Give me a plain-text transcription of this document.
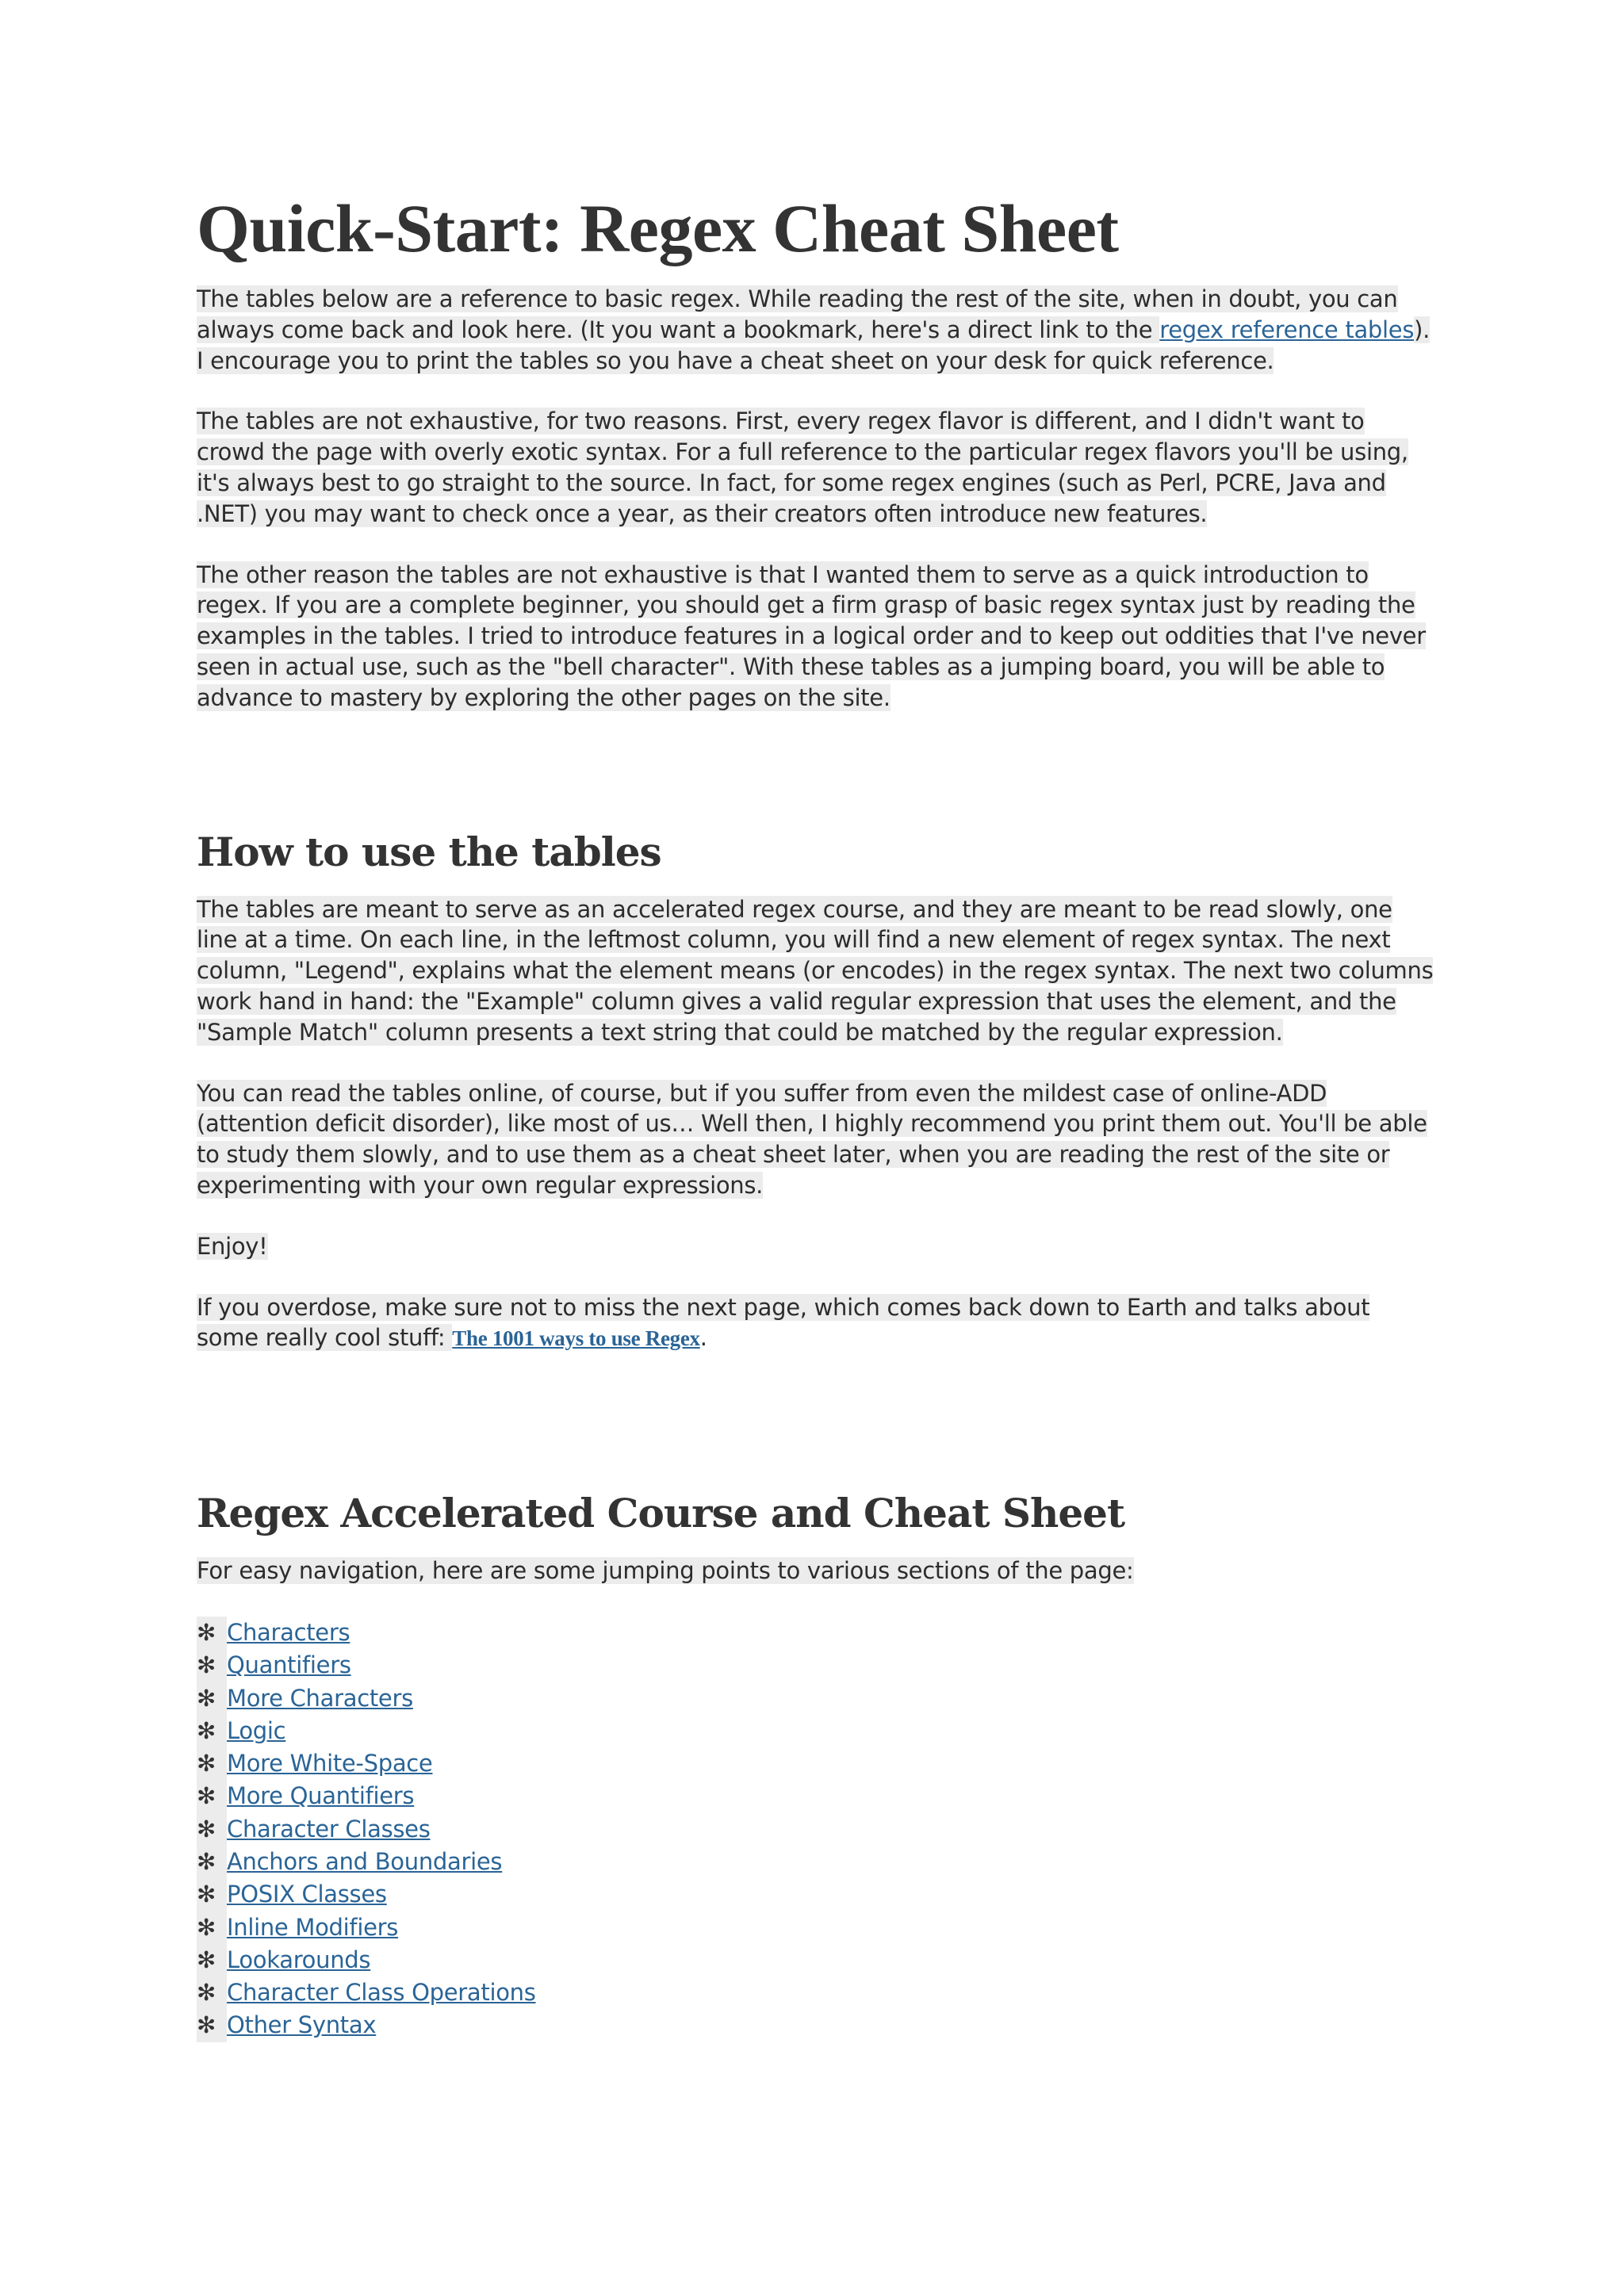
Quick-Start: Regex Cheat Sheet

The tables below are a reference to basic regex. While reading the rest of the site, when in doubt, you can always come back and look here. (It you want a bookmark, here's a direct link to the regex reference tables). I encourage you to print the tables so you have a cheat sheet on your desk for quick reference.

The tables are not exhaustive, for two reasons. First, every regex flavor is different, and I didn't want to crowd the page with overly exotic syntax. For a full reference to the particular regex flavors you'll be using, it's always best to go straight to the source. In fact, for some regex engines (such as Perl, PCRE, Java and .NET) you may want to check once a year, as their creators often introduce new features.

The other reason the tables are not exhaustive is that I wanted them to serve as a quick introduction to regex. If you are a complete beginner, you should get a firm grasp of basic regex syntax just by reading the examples in the tables. I tried to introduce features in a logical order and to keep out oddities that I've never seen in actual use, such as the "bell character". With these tables as a jumping board, you will be able to advance to mastery by exploring the other pages on the site.

How to use the tables

The tables are meant to serve as an accelerated regex course, and they are meant to be read slowly, one line at a time. On each line, in the leftmost column, you will find a new element of regex syntax. The next column, "Legend", explains what the element means (or encodes) in the regex syntax. The next two columns work hand in hand: the "Example" column gives a valid regular expression that uses the element, and the "Sample Match" column presents a text string that could be matched by the regular expression.

You can read the tables online, of course, but if you suffer from even the mildest case of online-ADD (attention deficit disorder), like most of us… Well then, I highly recommend you print them out. You'll be able to study them slowly, and to use them as a cheat sheet later, when you are reading the rest of the site or experimenting with your own regular expressions.

Enjoy!

If you overdose, make sure not to miss the next page, which comes back down to Earth and talks about some really cool stuff: The 1001 ways to use Regex.

Regex Accelerated Course and Cheat Sheet

For easy navigation, here are some jumping points to various sections of the page:

✻ Characters
✻ Quantifiers
✻ More Characters
✻ Logic
✻ More White-Space
✻ More Quantifiers
✻ Character Classes
✻ Anchors and Boundaries
✻ POSIX Classes
✻ Inline Modifiers
✻ Lookarounds
✻ Character Class Operations
✻ Other Syntax
